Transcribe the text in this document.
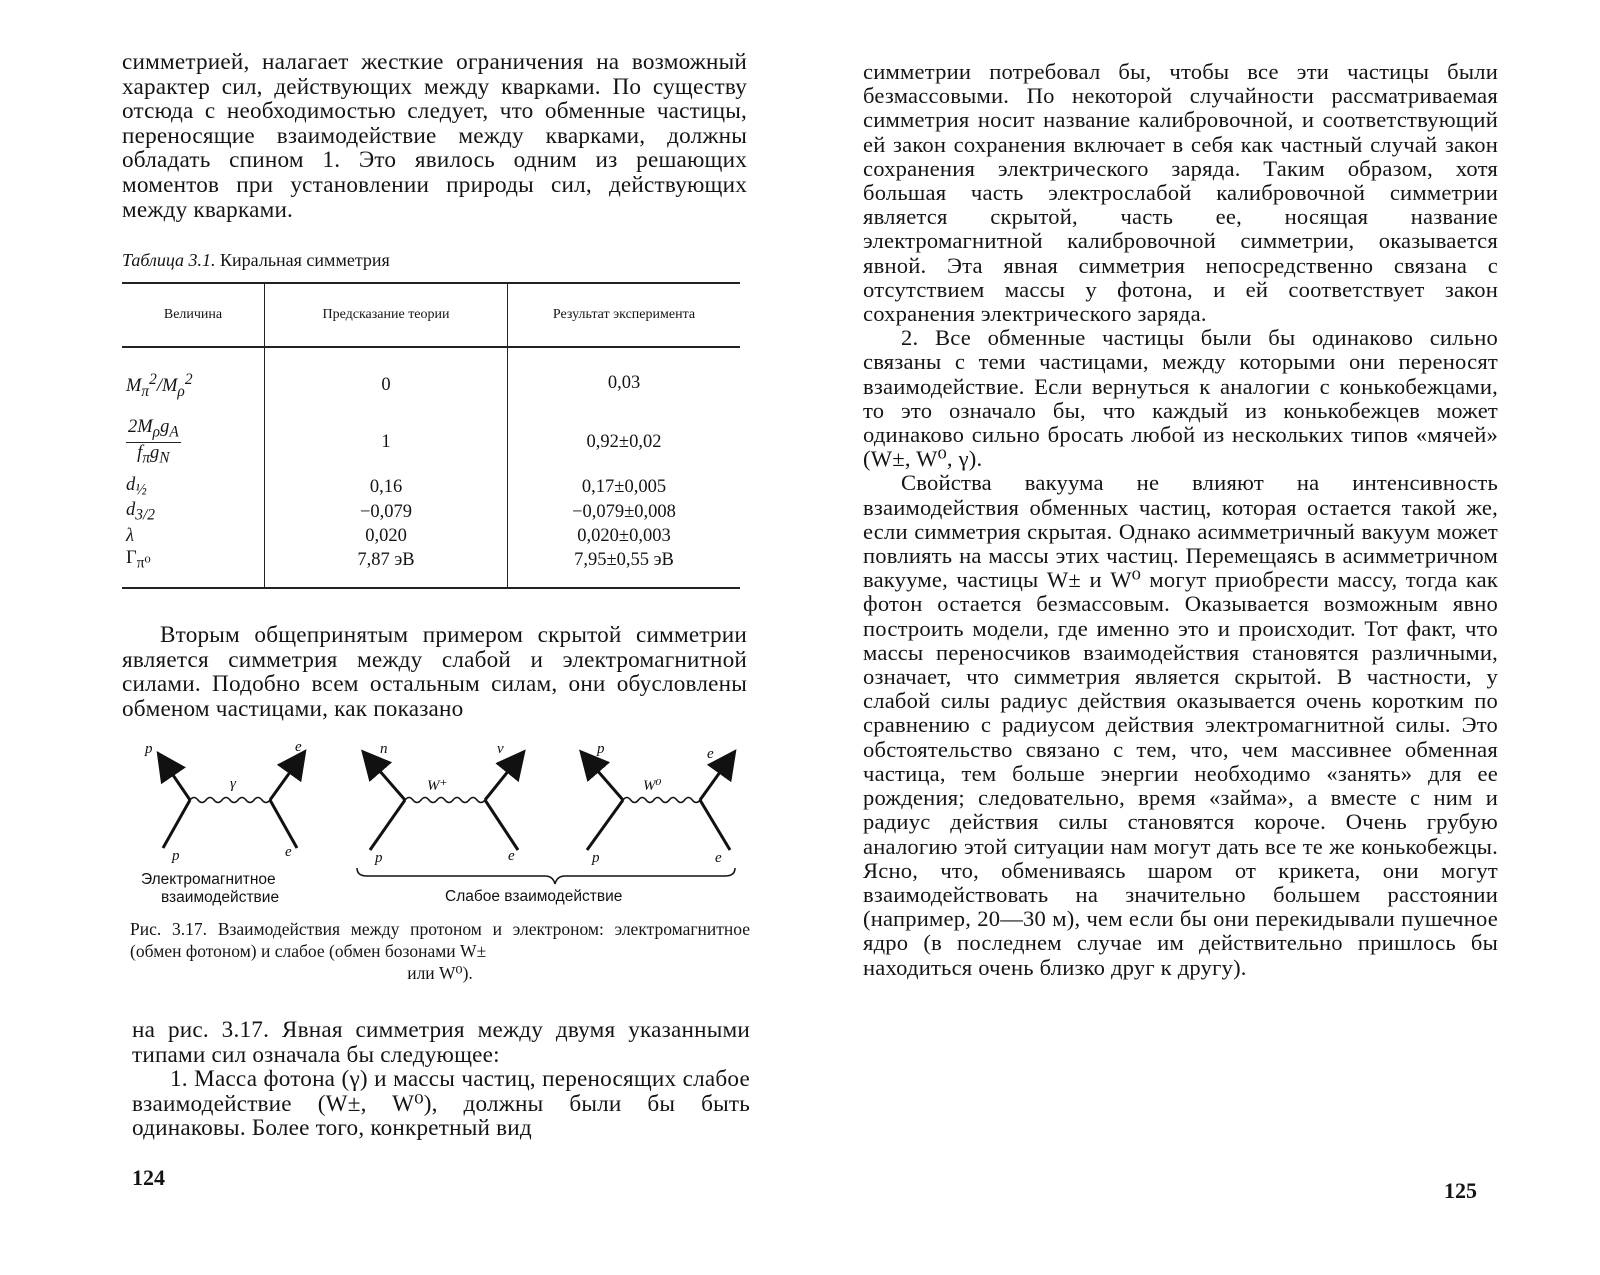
симметрией, налагает жесткие ограничения на возможный характер сил, действующих между кварками. По существу отсюда с необходимостью следует, что обменные частицы, переносящие взаимодействие между кварками, должны обладать спином 1. Это явилось одним из решающих моментов при установлении природы сил, действующих между кварками.

Таблица 3.1. Киральная симметрия
Величина	Предсказание теории	Результат эксперимента
$M_\pi^2/M_\rho^2$	0	0,03

$\frac{2M_\rho g_A}{f_\pi g_N}$	1	0,92±0,02
$d_{\frac{1}{2}}$	0,16	0,17±0,005
$d_{3/2}$	−0,079	−0,079±0,008
λ	0,020	0,020±0,003
$\Gamma_{\pi^0}$	7,87 эВ	7,95±0,55 эВ

Вторым общепринятым примером скрытой симметрии является симметрия между слабой и электромагнитной силами. Подобно всем остальным силам, они обусловлены обменом частицами, как показано

p	e
γ
p	e
n	ν
W⁺
p	e
p	e
W⁰
p	e
Электромагнитное
взаимодействие	Слабое взаимодействие
Рис. 3.17. Взаимодействия между протоном и электроном: электромагнитное (обмен фотоном) и слабое (обмен бозонами W±
или W⁰).

на рис. 3.17. Явная симметрия между двумя указанными типами сил означала бы следующее:

1. Масса фотона (γ) и массы частиц, переносящих слабое взаимодействие (W±, W⁰), должны были бы быть одинаковы. Более того, конкретный вид

124

симметрии потребовал бы, чтобы все эти частицы были безмассовыми. По некоторой случайности рассматриваемая симметрия носит название калибровочной, и соответствующий ей закон сохранения включает в себя как частный случай закон сохранения электрического заряда. Таким образом, хотя большая часть электрослабой калибровочной симметрии является скрытой, часть ее, носящая название электромагнитной калибровочной симметрии, оказывается явной. Эта явная симметрия непосредственно связана с отсутствием массы у фотона, и ей соответствует закон сохранения электрического заряда.

2. Все обменные частицы были бы одинаково сильно связаны с теми частицами, между которыми они переносят взаимодействие. Если вернуться к аналогии с конькобежцами, то это означало бы, что каждый из конькобежцев может одинаково сильно бросать любой из нескольких типов «мячей» (W±, W⁰, γ).

Свойства вакуума не влияют на интенсивность взаимодействия обменных частиц, которая остается такой же, если симметрия скрытая. Однако асимметричный вакуум может повлиять на массы этих частиц. Перемещаясь в асимметричном вакууме, частицы W± и W⁰ могут приобрести массу, тогда как фотон остается безмассовым. Оказывается возможным явно построить модели, где именно это и происходит. Тот факт, что массы переносчиков взаимодействия становятся различными, означает, что симметрия является скрытой. В частности, у слабой силы радиус действия оказывается очень коротким по сравнению с радиусом действия электромагнитной силы. Это обстоятельство связано с тем, что, чем массивнее обменная частица, тем больше энергии необходимо «занять» для ее рождения; следовательно, время «займа», а вместе с ним и радиус действия силы становятся короче. Очень грубую аналогию этой ситуации нам могут дать все те же конькобежцы. Ясно, что, обмениваясь шаром от крикета, они могут взаимодействовать на значительно большем расстоянии (например, 20—30 м), чем если бы они перекидывали пушечное ядро (в последнем случае им действительно пришлось бы находиться очень близко друг к другу).

125
